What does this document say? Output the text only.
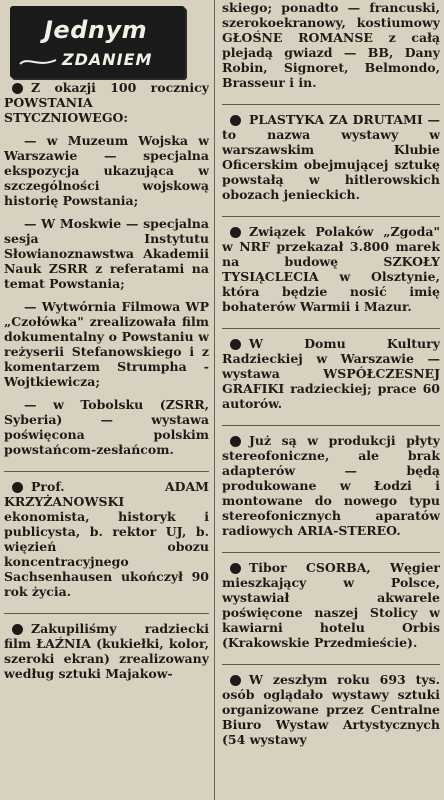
Jednym
ZDANIEM

Z okazji 100 rocznicy POWSTANIA STYCZNIOWEGO:

— w Muzeum Wojska w Warszawie — specjalna ekspozycja ukazująca w szczególności wojskową historię Powstania;

— W Moskwie — specjalna sesja Instytutu Słowianoznawstwa Akademii Nauk ZSRR z referatami na temat Powstania;

— Wytwórnia Filmowa WP „Czołówka" zrealizowała film dokumentalny o Powstaniu w reżyserii Stefanowskiego i z komentarzem Strumpha - Wojtkiewicza;

— w Tobolsku (ZSRR, Syberia) — wystawa poświęcona polskim powstańcom-zesłańcom.

Prof. ADAM KRZYŻANOWSKI ekonomista, historyk i publicysta, b. rektor UJ, b. więzień obozu koncentracyjnego Sachsenhausen ukończył 90 rok życia.

Zakupiliśmy radziecki film ŁAŹNIA (kukiełki, kolor, szeroki ekran) zrealizowany według sztuki Majakow-

skiego; ponadto — francuski, szerokoekranowy, kostiumowy GŁOŚNE ROMANSE z całą plejadą gwiazd — BB, Dany Robin, Signoret, Belmondo, Brasseur i in.

PLASTYKA ZA DRUTAMI — to nazwa wystawy w warszawskim Klubie Oficerskim obejmującej sztukę powstałą w hitlerowskich obozach jenieckich.

Związek Polaków „Zgoda" w NRF przekazał 3.800 marek na budowę SZKOŁY TYSIĄCLECIA w Olsztynie, która będzie nosić imię bohaterów Warmii i Mazur.

W Domu Kultury Radzieckiej w Warszawie — wystawa WSPÓŁCZESNEJ GRAFIKI radzieckiej; prace 60 autorów.

Już są w produkcji płyty stereofoniczne, ale brak adapterów — będą produkowane w Łodzi i montowane do nowego typu stereofonicznych aparatów radiowych ARIA-STEREO.

Tibor CSORBA, Węgier mieszkający w Polsce, wystawiał akwarele poświęcone naszej Stolicy w kawiarni hotelu Orbis (Krakowskie Przedmieście).

W zeszłym roku 693 tys. osób oglądało wystawy sztuki organizowane przez Centralne Biuro Wystaw Artystycznych (54 wystawy
